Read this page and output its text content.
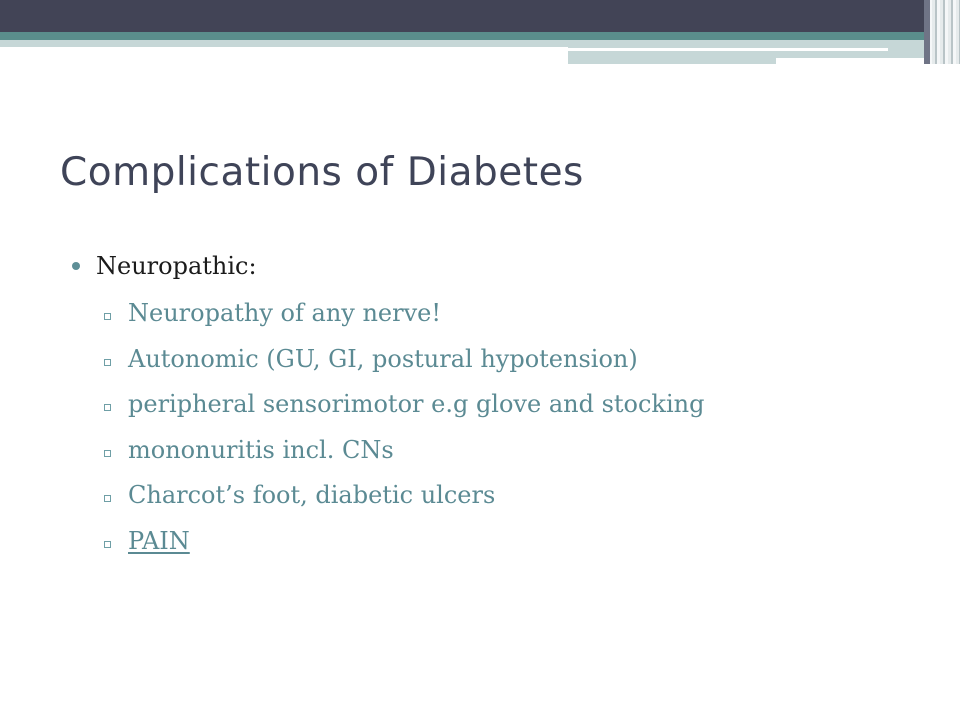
Complications of Diabetes
Neuropathic:
Neuropathy of any nerve!
Autonomic (GU, GI, postural hypotension)
peripheral sensorimotor e.g glove and stocking
mononuritis incl. CNs
Charcot’s foot, diabetic ulcers
PAIN
